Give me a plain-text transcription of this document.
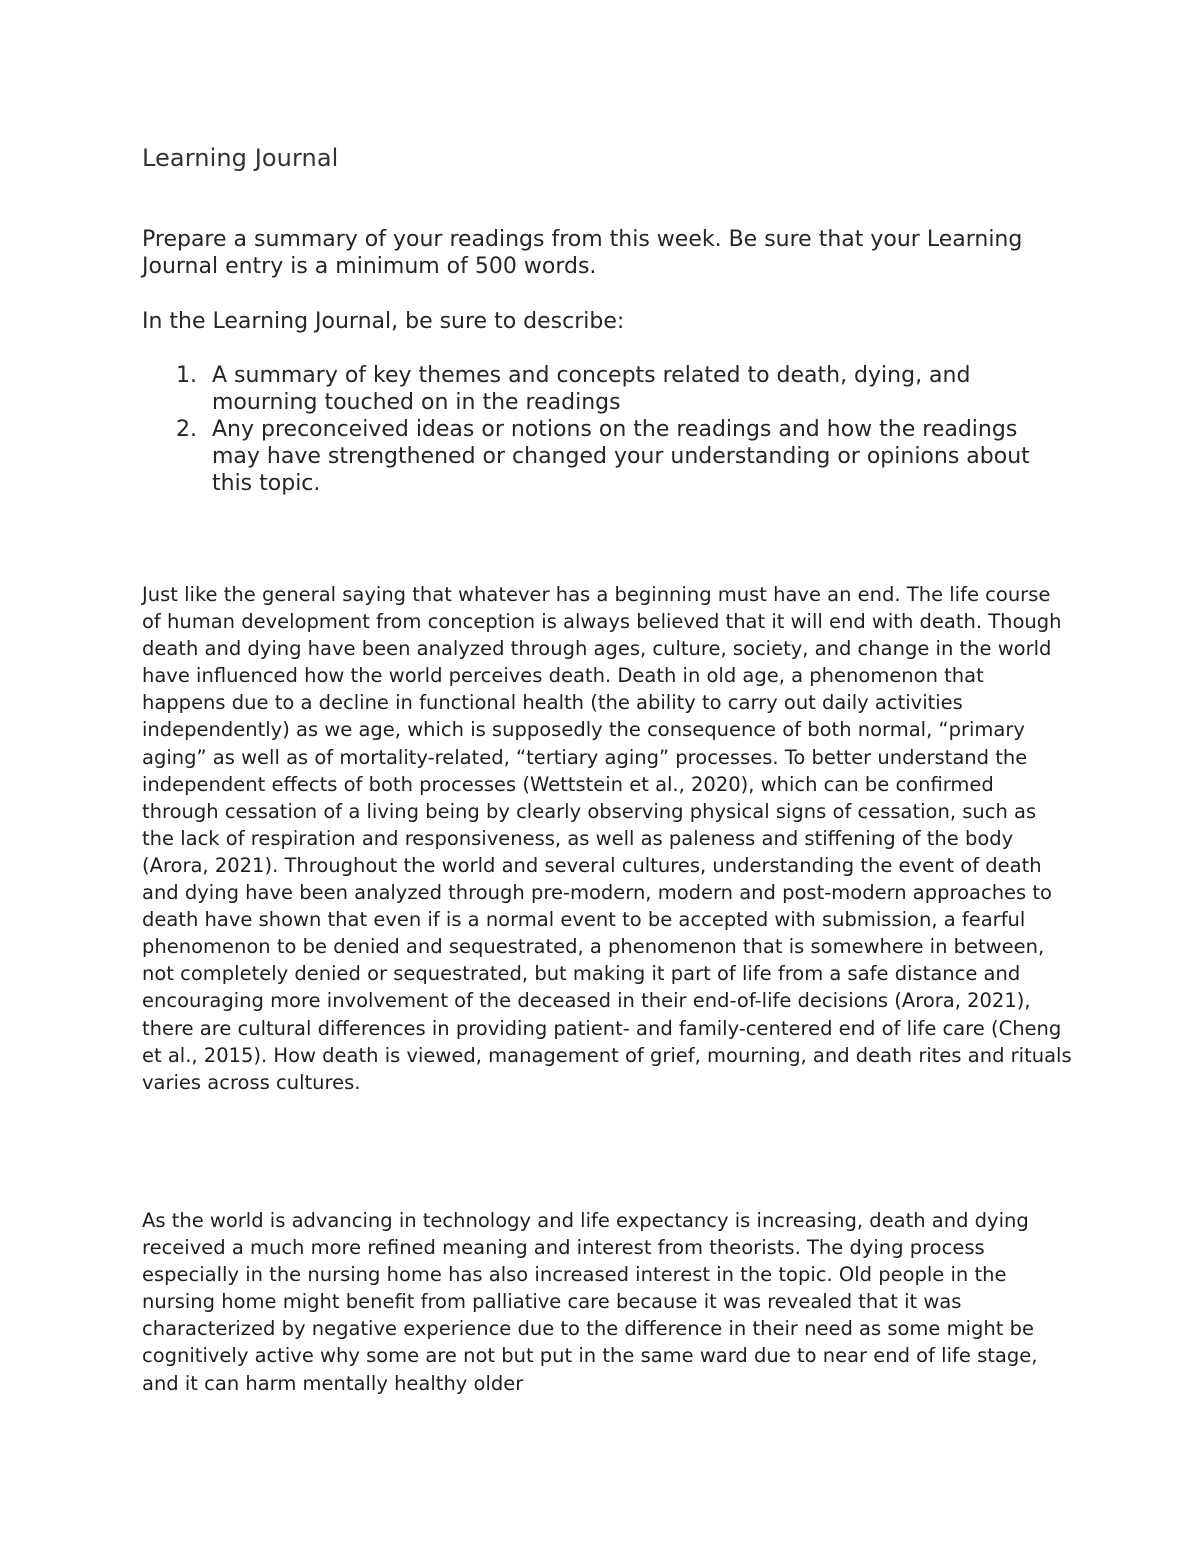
Learning Journal

Prepare a summary of your readings from this week. Be sure that your Learning Journal entry is a minimum of 500 words.

In the Learning Journal, be sure to describe:

1. A summary of key themes and concepts related to death, dying, and mourning touched on in the readings
2. Any preconceived ideas or notions on the readings and how the readings may have strengthened or changed your understanding or opinions about this topic.

Just like the general saying that whatever has a beginning must have an end. The life course of human development from conception is always believed that it will end with death. Though death and dying have been analyzed through ages, culture, society, and change in the world have influenced how the world perceives death. Death in old age, a phenomenon that happens due to a decline in functional health (the ability to carry out daily activities independently) as we age, which is supposedly the consequence of both normal, “primary aging” as well as of mortality-related, “tertiary aging” processes. To better understand the independent effects of both processes (Wettstein et al., 2020), which can be confirmed through cessation of a living being by clearly observing physical signs of cessation, such as the lack of respiration and responsiveness, as well as paleness and stiffening of the body (Arora, 2021). Throughout the world and several cultures, understanding the event of death and dying have been analyzed through pre-modern, modern and post-modern approaches to death have shown that even if is a normal event to be accepted with submission, a fearful phenomenon to be denied and sequestrated, a phenomenon that is somewhere in between, not completely denied or sequestrated, but making it part of life from a safe distance and encouraging more involvement of the deceased in their end-of-life decisions (Arora, 2021), there are cultural differences in providing patient- and family-centered end of life care (Cheng et al., 2015). How death is viewed, management of grief, mourning, and death rites and rituals varies across cultures.

As the world is advancing in technology and life expectancy is increasing, death and dying received a much more refined meaning and interest from theorists. The dying process especially in the nursing home has also increased interest in the topic. Old people in the nursing home might benefit from palliative care because it was revealed that it was characterized by negative experience due to the difference in their need as some might be cognitively active why some are not but put in the same ward due to near end of life stage, and it can harm mentally healthy older
